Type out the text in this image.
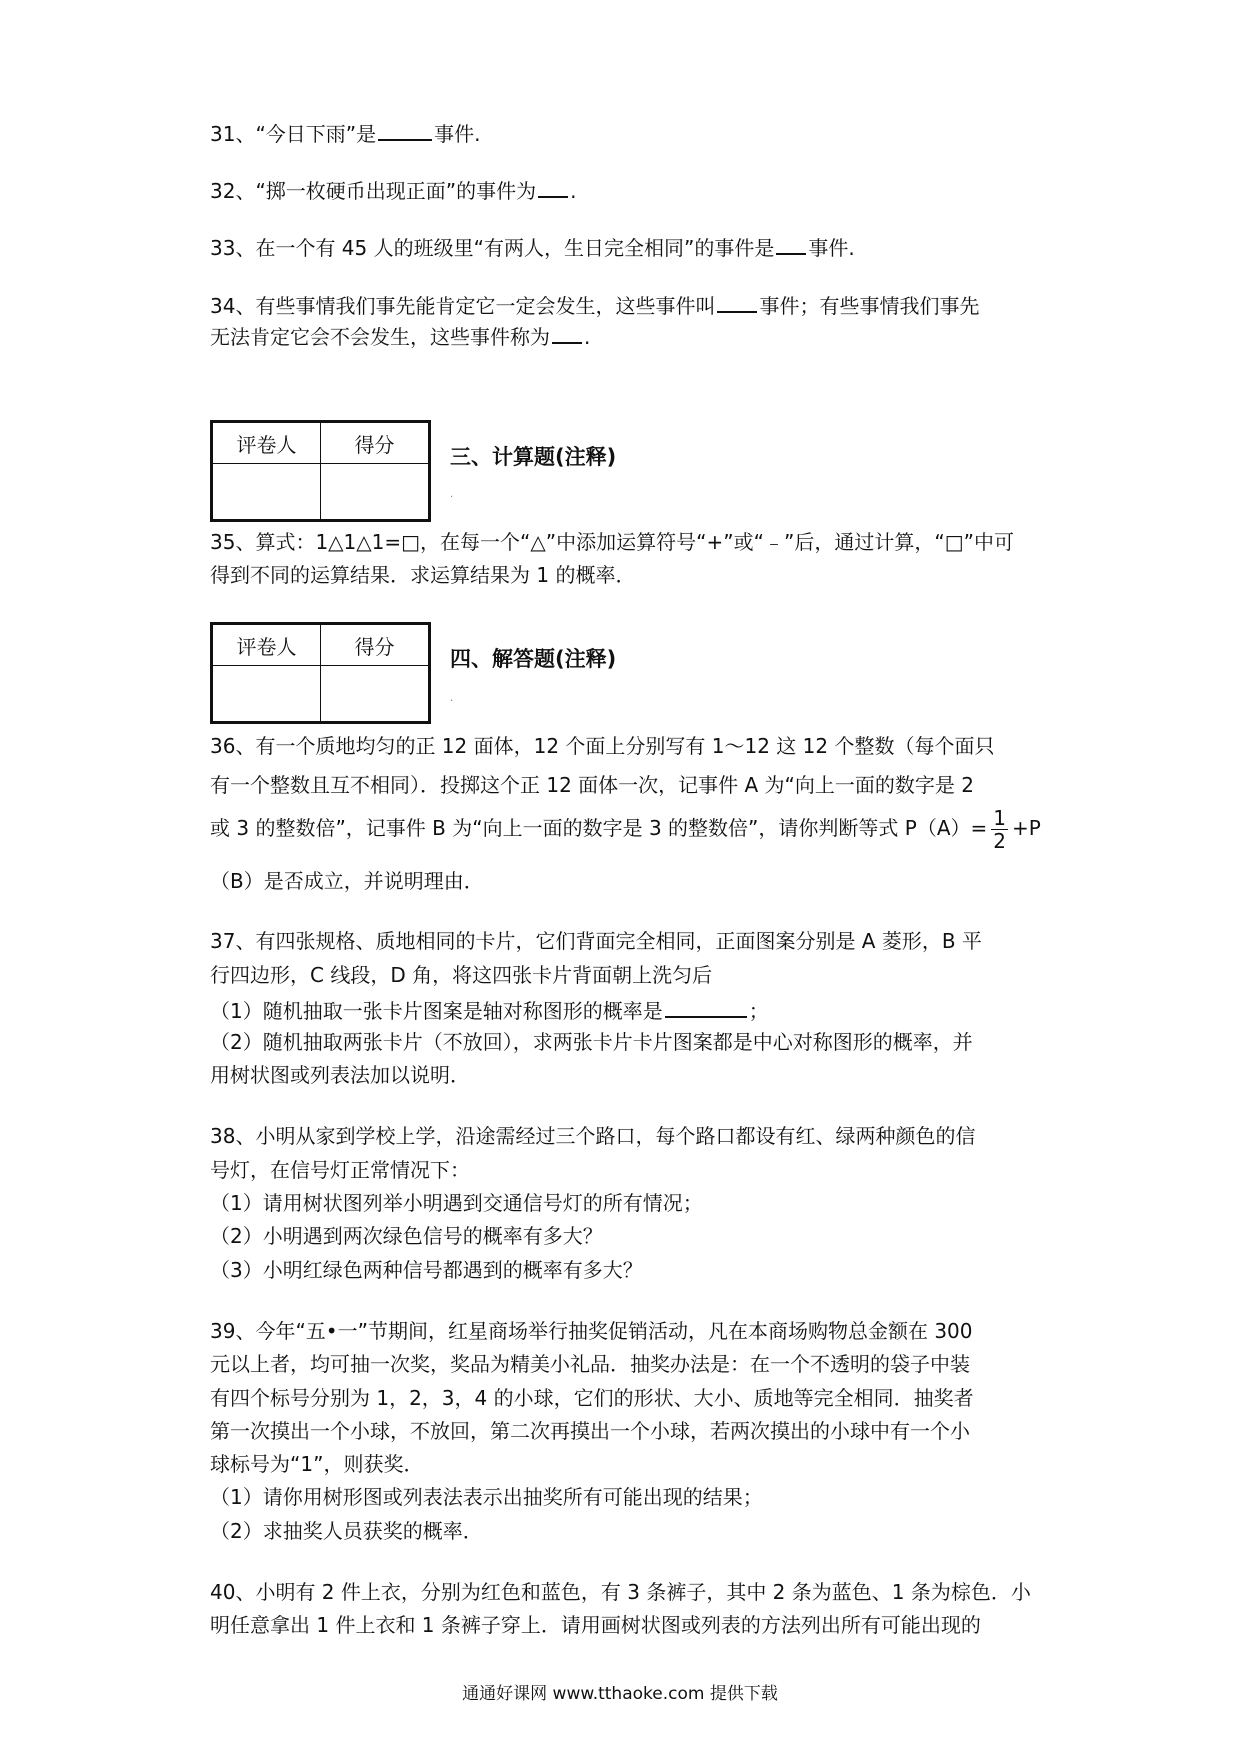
31、“今日下雨”是	事件.
32、“掷一枚硬币出现正面”的事件为 .
33、在一个有 45 人的班级里“有两人，生日完全相同”的事件是 事件.
34、有些事情我们事先能肯定它一定会发生，这些事件叫 事件；有些事情我们事先
无法肯定它会不会发生，这些事件称为 .
评卷人	得分

三、计算题(注释)
.
35、算式：1△1△1=□，在每一个“△”中添加运算符号“+”或“﹣”后，通过计算，“□”中可
得到不同的运算结果．求运算结果为 1 的概率．
评卷人	得分

四、解答题(注释)
.
36、有一个质地均匀的正 12 面体，12 个面上分别写有 1～12 这 12 个整数（每个面只
有一个整数且互不相同）．投掷这个正 12 面体一次，记事件 A 为“向上一面的数字是 2
或 3 的整数倍”，记事件 B 为“向上一面的数字是 3 的整数倍”，请你判断等式 $P(A)= \frac{1}{2} +P$
（B）是否成立，并说明理由．
37、有四张规格、质地相同的卡片，它们背面完全相同，正面图案分别是 A 菱形，B 平
行四边形，C 线段，D 角，将这四张卡片背面朝上洗匀后
（1）随机抽取一张卡片图案是轴对称图形的概率是	；
（2）随机抽取两张卡片（不放回），求两张卡片卡片图案都是中心对称图形的概率，并
用树状图或列表法加以说明．
38、小明从家到学校上学，沿途需经过三个路口，每个路口都设有红、绿两种颜色的信
号灯，在信号灯正常情况下：
（1）请用树状图列举小明遇到交通信号灯的所有情况；
（2）小明遇到两次绿色信号的概率有多大？
（3）小明红绿色两种信号都遇到的概率有多大？
39、今年“五•一”节期间，红星商场举行抽奖促销活动，凡在本商场购物总金额在 300
元以上者，均可抽一次奖，奖品为精美小礼品．抽奖办法是：在一个不透明的袋子中装
有四个标号分别为 1，2，3，4 的小球，它们的形状、大小、质地等完全相同．抽奖者
第一次摸出一个小球，不放回，第二次再摸出一个小球，若两次摸出的小球中有一个小
球标号为“1”，则获奖．
（1）请你用树形图或列表法表示出抽奖所有可能出现的结果；
（2）求抽奖人员获奖的概率．
40、小明有 2 件上衣，分别为红色和蓝色，有 3 条裤子，其中 2 条为蓝色、1 条为棕色．小
明任意拿出 1 件上衣和 1 条裤子穿上．请用画树状图或列表的方法列出所有可能出现的
通通好课网 www.tthaoke.com 提供下载
